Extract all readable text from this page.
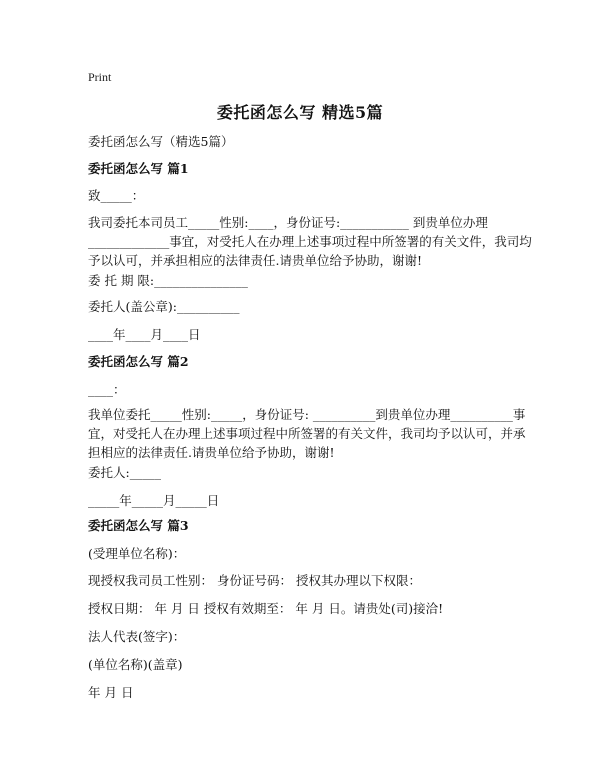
Print
委托函怎么写 精选5篇
委托函怎么写（精选5篇）
委托函怎么写 篇1
致_____：
我司委托本司员工_____性别:____，身份证号:___________ 到贵单位办理
_____________事宜，对受托人在办理上述事项过程中所签署的有关文件，我司均
予以认可，并承担相应的法律责任.请贵单位给予协助，谢谢!
委 托 期 限:_______________
委托人(盖公章):__________
____年____月____日
委托函怎么写 篇2
____：
我单位委托_____性别:_____，身份证号: __________到贵单位办理__________事
宜，对受托人在办理上述事项过程中所签署的有关文件，我司均予以认可，并承
担相应的法律责任.请贵单位给予协助，谢谢!
委托人:_____
_____年_____月_____日
委托函怎么写 篇3
(受理单位名称)：
现授权我司员工性别： 身份证号码： 授权其办理以下权限：
授权日期： 年 月 日 授权有效期至： 年 月 日。请贵处(司)接洽!
法人代表(签字)：
(单位名称)(盖章)
年 月 日
